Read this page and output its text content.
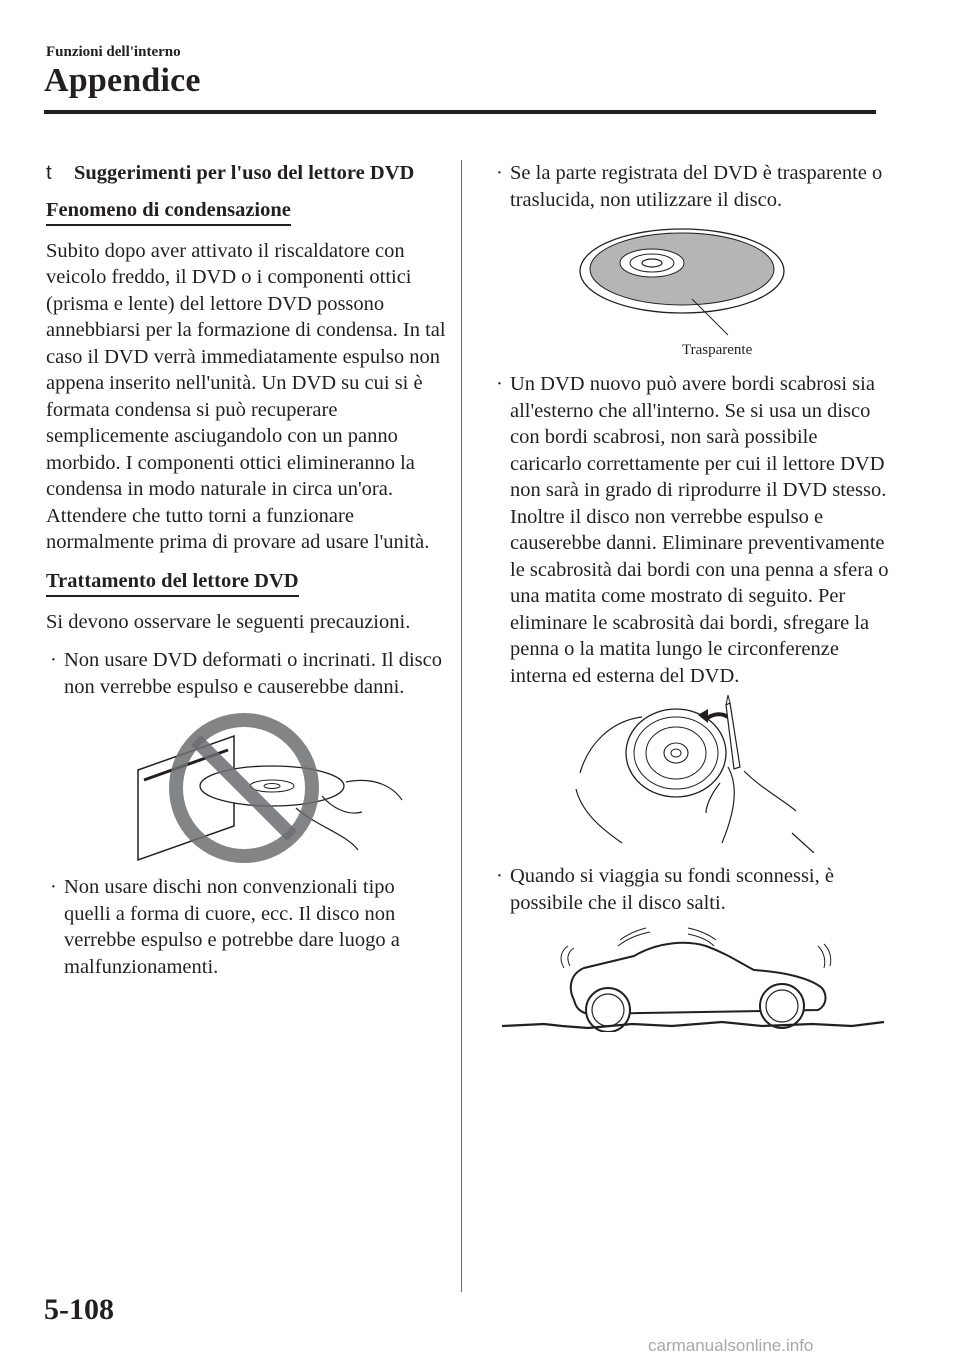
Funzioni dell'interno
Appendice
t Suggerimenti per l'uso del lettore DVD
Fenomeno di condensazione

Subito dopo aver attivato il riscaldatore con veicolo freddo, il DVD o i componenti ottici (prisma e lente) del lettore DVD possono annebbiarsi per la formazione di condensa. In tal caso il DVD verrà immediatamente espulso non appena inserito nell'unità. Un DVD su cui si è formata condensa si può recuperare semplicemente asciugandolo con un panno morbido. I componenti ottici elimineranno la condensa in modo naturale in circa un'ora. Attendere che tutto torni a funzionare normalmente prima di provare ad usare l'unità.

Trattamento del lettore DVD

Si devono osservare le seguenti precauzioni.

· Non usare DVD deformati o incrinati. Il disco non verrebbe espulso e causerebbe danni.
· Non usare dischi non convenzionali tipo quelli a forma di cuore, ecc. Il disco non verrebbe espulso e potrebbe dare luogo a malfunzionamenti.
· Se la parte registrata del DVD è trasparente o traslucida, non utilizzare il disco.
Trasparente
· Un DVD nuovo può avere bordi scabrosi sia all'esterno che all'interno. Se si usa un disco con bordi scabrosi, non sarà possibile caricarlo correttamente per cui il lettore DVD non sarà in grado di riprodurre il DVD stesso. Inoltre il disco non verrebbe espulso e causerebbe danni. Eliminare preventivamente le scabrosità dai bordi con una penna a sfera o una matita come mostrato di seguito. Per eliminare le scabrosità dai bordi, sfregare la penna o la matita lungo le circonferenze interna ed esterna del DVD.
· Quando si viaggia su fondi sconnessi, è possibile che il disco salti.
5-108
carmanualsonline.info
